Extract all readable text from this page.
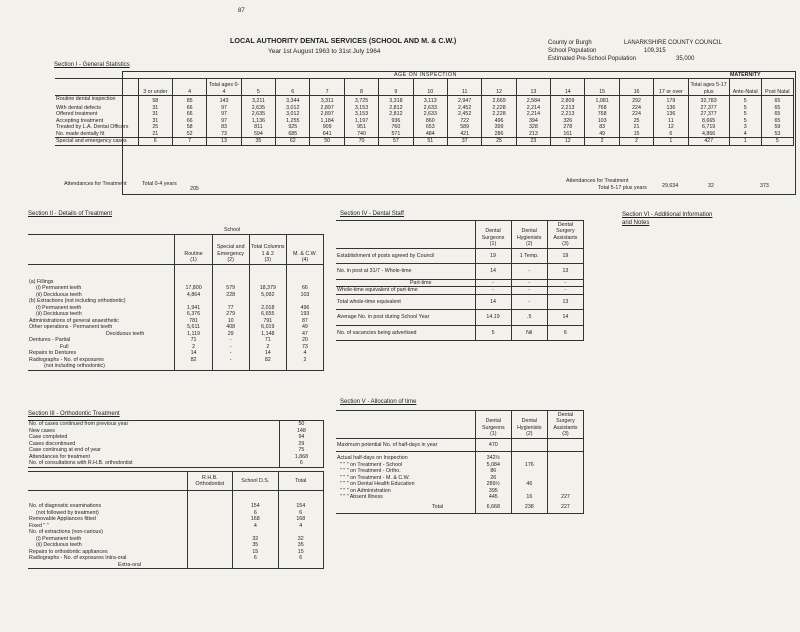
87
LOCAL AUTHORITY DENTAL SERVICES (SCHOOL AND M. & C.W.)
Year 1st August 1963 to 31st July 1964
County or Burgh	LANARKSHIRE COUNTY COUNCIL
School Population	109,315
Estimated Pre-School Population	35,000
Section I - General Statistics
AGE ON INSPECTION	MATERNITY
	3 or under	4	Total ages 0-4	5	6	7	8	9	10	11	12	13	14	15	16	17 or over	Total ages 5-17 plus	Ante-Natal	Post Natal
Routine dental inspection	58	85	143	3,211	3,344	3,311	3,725	3,318	3,113	2,947	2,669	2,584	2,809	1,081	292	179	32,783	5	65
With dental defects	31	66	97	2,635	3,012	2,897	3,153	2,812	2,633	2,452	2,228	2,214	2,213	768	224	136	27,377	5	65
Offered treatment	31	66	97	2,635	3,012	2,897	3,153	2,812	2,633	2,452	2,228	2,214	2,213	768	224	136	27,377	5	65
Accepting treatment	31	66	97	1,136	1,255	1,184	1,197	936	860	722	496	394	326	103	25	11	8,665	5	65
Treated by L.A. Dental Officers	25	58	83	811	925	909	951	760	653	589	399	328	278	83	21	12	6,719	3	59
No. made dentally fit	21	52	73	594	685	641	740	571	484	421	286	213	161	49	15	6	4,866	4	53
Special and emergency cases	6	7	13	35	62	50	70	57	51	37	25	23	12	2	2	1	427	1	5
Attendances for Treatment	Total 0-4 years
205
Attendances for Treatment
Total 5-17 plus years	29,634	32	373
Section II - Details of Treatment
School
	Routine	Special and Emergency	Total Columns 1 & 2	M. & C.W.
	(1)	(2)	(3)	(4)
(a) Fillings				
(i) Permanent teeth	17,800	579	18,379	66
(ii) Deciduous teeth	4,864	228	5,092	103
(b) Extractions (not including orthodontic)				
(i) Permanent teeth	1,941	77	2,018	496
(ii) Deciduous teeth	6,376	279	6,655	193
Administrations of general anaesthetic	781	10	791	87
Other operations - Permanent teeth	5,611	408	6,019	49
Deciduous teeth	1,119	29	1,148	47
Dentures - Partial	71	-	71	20
Full	2	-	2	73
Repairs to Dentures	14	-	14	4
Radiographs - No. of exposures	82	-	82	2
(not including orthodontic)				
Section III - Orthodontic Treatment
No. of cases continued from previous year	50
New cases	148
Case completed	94
Cases discontinued	29
Case continuing at end of year	75
Attendances for treatment	1,868
No. of consultations with R.H.B. orthodontist	6
	R.H.B. Orthodontist	School D.S.	Total
No. of diagnostic examinations		154	154
(not followed by treatment)		6	6
Removable Appliances fitted		168	168
Fixed " "		4	4
No. of extractions (non-carious)			
(i) Permanent teeth		32	32
(ii) Deciduous teeth		35	35
Repairs to orthodontic appliances		15	15
Radiographs - No. of exposures Intra-oral		6	6
Extra-oral			
Section IV - Dental Staff
	Dental Surgeons	Dental Hygienists	Dental Surgery Assistants
	(1)	(2)	(3)
Establishment of posts agreed by Council	19	1 Temp.	19
No. in post at 31/7 - Whole-time	14	-	13
Part-time	-	-	-
Whole-time equivalent of part-time	-	-	-
Total whole-time equivalent	14	-	13
Average No. in post during School Year	14.19	.5	14
No. of vacancies being advertised	5	Nil	6
Section V - Allocation of time
	Dental Surgeons	Dental Hygienists	Dental Surgery Assistants
	(1)	(2)	(3)
Maximum potential No. of half-days in year	470		
Actual half-days on Inspection	342½		
" " " on Treatment - School	5,084	176	
" " " on Treatment - Ortho.	86		
" " " on Treatment - M. & C.W.	26		
" " " on Dental Health Education	289½	46	
" " " on Administration	395		
" " " Absent Illness	445	16	227
Total	6,668	238	227
Section VI - Additional Information
and Notes
